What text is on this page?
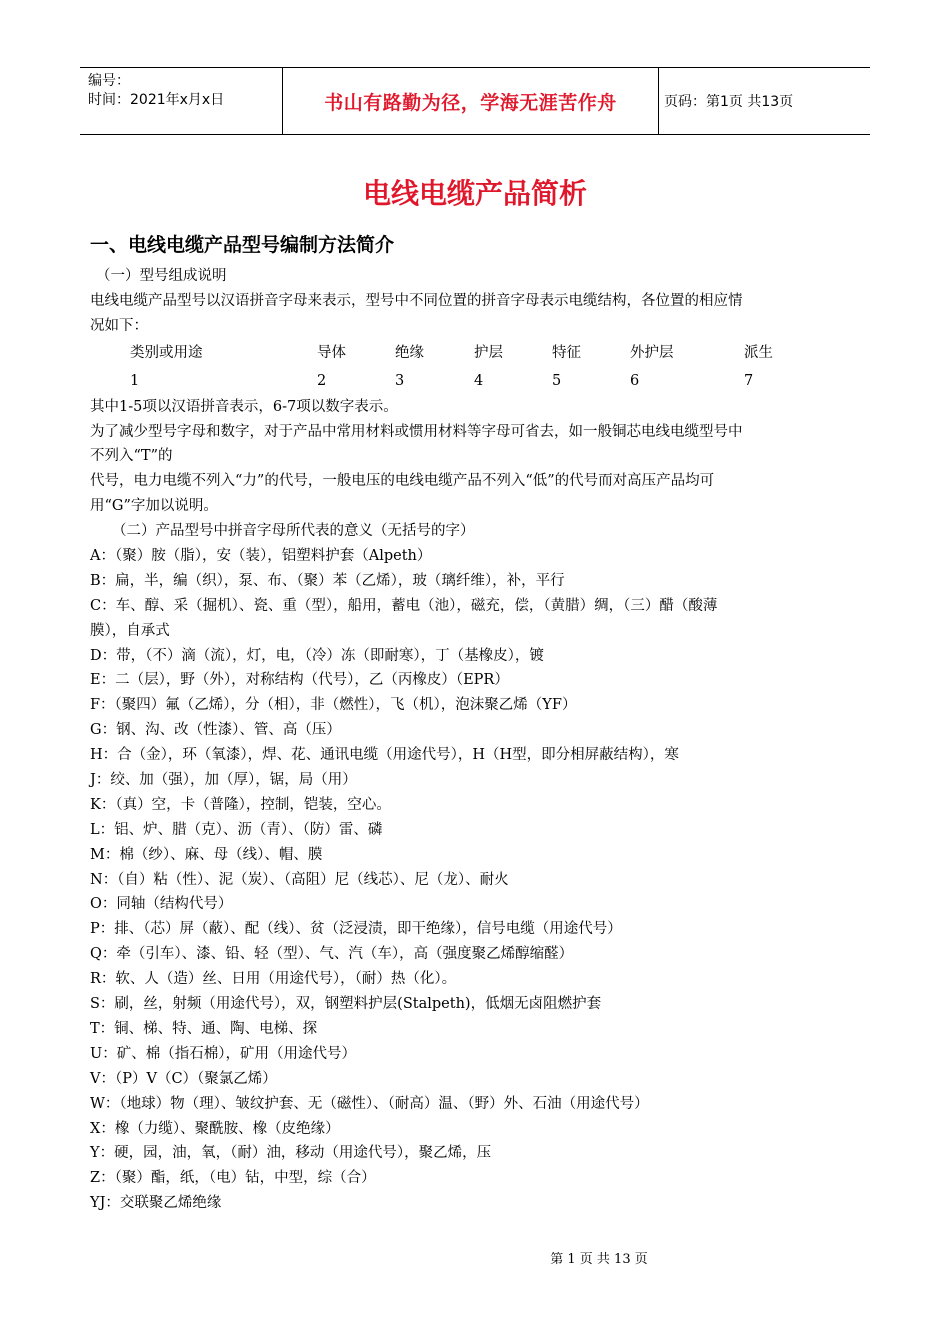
编号：
时间：2021年x月x日	书山有路勤为径，学海无涯苦作舟	页码：第1页 共13页
电线电缆产品简析
一、电线电缆产品型号编制方法简介
（一）型号组成说明
电线电缆产品型号以汉语拼音字母来表示，型号中不同位置的拼音字母表示电缆结构，各位置的相应情
况如下：
类别或用途	导体	绝缘	护层	特征	外护层	派生
1	2	3	4	5	6	7
其中1-5项以汉语拼音表示，6-7项以数字表示。
为了减少型号字母和数字，对于产品中常用材料或惯用材料等字母可省去，如一般铜芯电线电缆型号中
不列入“T”的
代号，电力电缆不列入“力”的代号，一般电压的电线电缆产品不列入“低”的代号而对高压产品均可
用“G”字加以说明。
（二）产品型号中拼音字母所代表的意义（无括号的字）
A：（聚）胺（脂），安（装），铝塑料护套（Alpeth）
B：扁，半，编（织），泵、布、（聚）苯（乙烯），玻（璃纤维），补，平行
C：车、醇、采（掘机）、瓷、重（型），船用，蓄电（池），磁充，偿，（黄腊）绸，（三）醋（酸薄
膜），自承式
D：带，（不）滴（流），灯，电，（冷）冻（即耐寒），丁（基橡皮），镀
E：二（层），野（外），对称结构（代号），乙（丙橡皮）（EPR）
F：（聚四）氟（乙烯），分（相），非（燃性），飞（机），泡沫聚乙烯（YF）
G：钢、沟、改（性漆）、管、高（压）
H：合（金），环（氧漆），焊、花、通讯电缆（用途代号），H（H型，即分相屏蔽结构），寒
J：绞、加（强），加（厚），锯，局（用）
K：（真）空，卡（普隆），控制，铠装，空心。
L：铝、炉、腊（克）、沥（青）、（防）雷、磷
M：棉（纱）、麻、母（线）、帽、膜
N：（自）粘（性）、泥（炭）、（高阻）尼（线芯）、尼（龙）、耐火
O：同轴（结构代号）
P：排、（芯）屏（蔽）、配（线）、贫（泛浸渍，即干绝缘），信号电缆（用途代号）
Q：牵（引车）、漆、铅、轻（型）、气、汽（车），高（强度聚乙烯醇缩醛）
R：软、人（造）丝、日用（用途代号），（耐）热（化）。
S：刷，丝，射频（用途代号），双，钢塑料护层(Stalpeth)，低烟无卤阻燃护套
T：铜、梯、特、通、陶、电梯、探
U：矿、棉（指石棉），矿用（用途代号）
V：（P）V（C）（聚氯乙烯）
W：（地球）物（理）、皱纹护套、无（磁性）、（耐高）温、（野）外、石油（用途代号）
X：橡（力缆）、聚酰胺、橡（皮绝缘）
Y：硬，园，油，氧，（耐）油，移动（用途代号），聚乙烯，压
Z：（聚）酯，纸，（电）钻，中型，综（合）
YJ：交联聚乙烯绝缘
第 1 页 共 13 页
